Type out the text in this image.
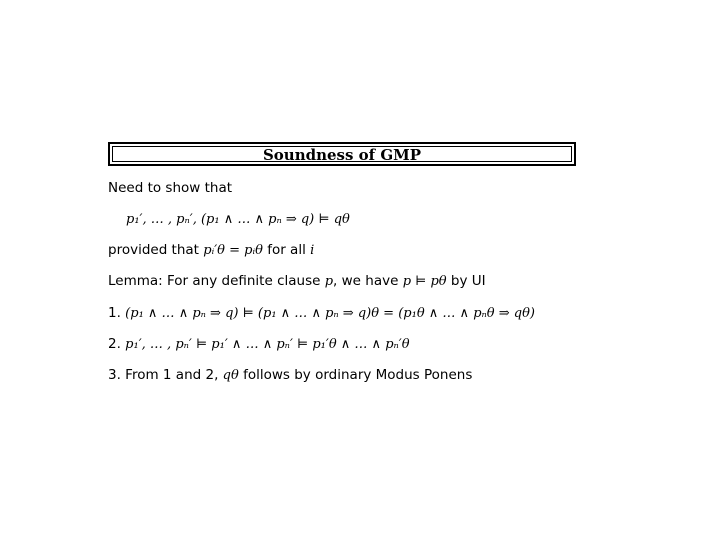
Soundness of GMP
Need to show that
p₁′, … , pₙ′, (p₁ ∧ … ∧ pₙ ⇒ q) ⊨ qθ
provided that pᵢ′θ = pᵢθ for all i
Lemma: For any definite clause p, we have p ⊨ pθ by UI
1. (p₁ ∧ … ∧ pₙ ⇒ q) ⊨ (p₁ ∧ … ∧ pₙ ⇒ q)θ = (p₁θ ∧ … ∧ pₙθ ⇒ qθ)
2. p₁′, … , pₙ′ ⊨ p₁′ ∧ … ∧ pₙ′ ⊨ p₁′θ ∧ … ∧ pₙ′θ
3. From 1 and 2, qθ follows by ordinary Modus Ponens
